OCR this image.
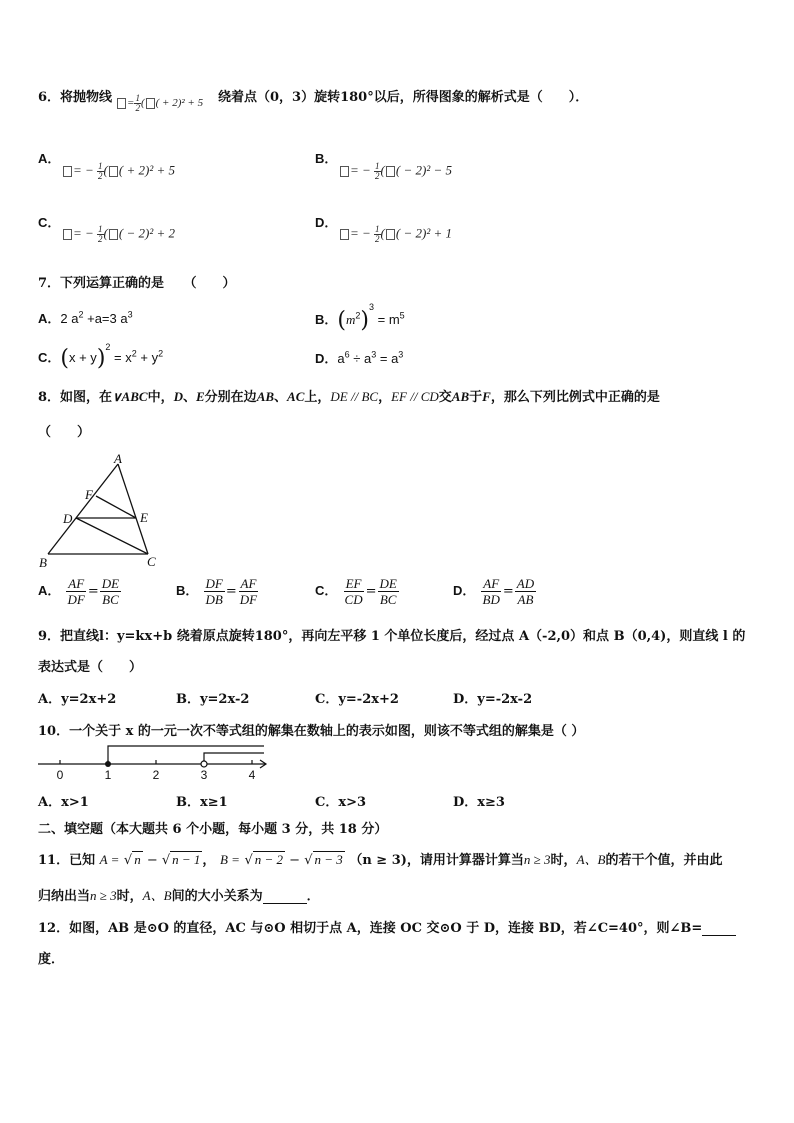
6．将抛物线	= $\frac{1}{2}$ ( ( + 2)² + 5 绕着点（0，3）旋转180°以后，所得图象的解析式是（　　）．
A．
= − $\frac{1}{2}$ ( ( + 2)² + 5
B．
= − $\frac{1}{2}$ ( ( − 2)² − 5
C．
= − $\frac{1}{2}$ ( ( − 2)² + 2
D．
= − $\frac{1}{2}$ ( ( − 2)² + 1
7．下列运算正确的是　　（　　）
A．2 $a^2 +a=3$ $a^3$	B．$(m^2)^3 = m^5$
C．$(x + y)^2 = x^2 + y^2$	D．$a^6 \div a^3 = a^3$
8．如图，在∨ABC中，D、E分别在边AB、AC上，DE // BC，EF // CD交AB于F，那么下列比例式中正确的是
（　　）
A
F
D	E
B	C
A． $\frac{AF}{DF} = \frac{DE}{BC}$	B． $\frac{DF}{DB} = \frac{AF}{DF}$	C． $\frac{EF}{CD} = \frac{DE}{BC}$	D． $\frac{AF}{BD} = \frac{AD}{AB}$
9．把直线l：y=kx+b 绕着原点旋转180°，再向左平移 1 个单位长度后，经过点 A（-2,0）和点 B（0,4)，则直线 l 的
表达式是（　　）
A．y=2x+2	B．y=2x-2	C．y=-2x+2	D．y=-2x-2
10．一个关于 x 的一元一次不等式组的解集在数轴上的表示如图，则该不等式组的解集是（ ）
0	1	2	3	4
A．x>1	B．x≥1	C．x>3	D．x≥3
二、填空题（本大题共 6 个小题，每小题 3 分，共 18 分）
11．已知 A = √ n − √ n − 1 ， B = √ n − 2 − √ n − 3 （n ≥ 3)，请用计算器计算当n ≥ 3时，A、B的若干个值，并由此
归纳出当n ≥ 3时，A、B间的大小关系为	．
12．如图，AB 是⊙O 的直径，AC 与⊙O 相切于点 A，连接 OC 交⊙O 于 D，连接 BD，若∠C=40°，则∠B=
度．
